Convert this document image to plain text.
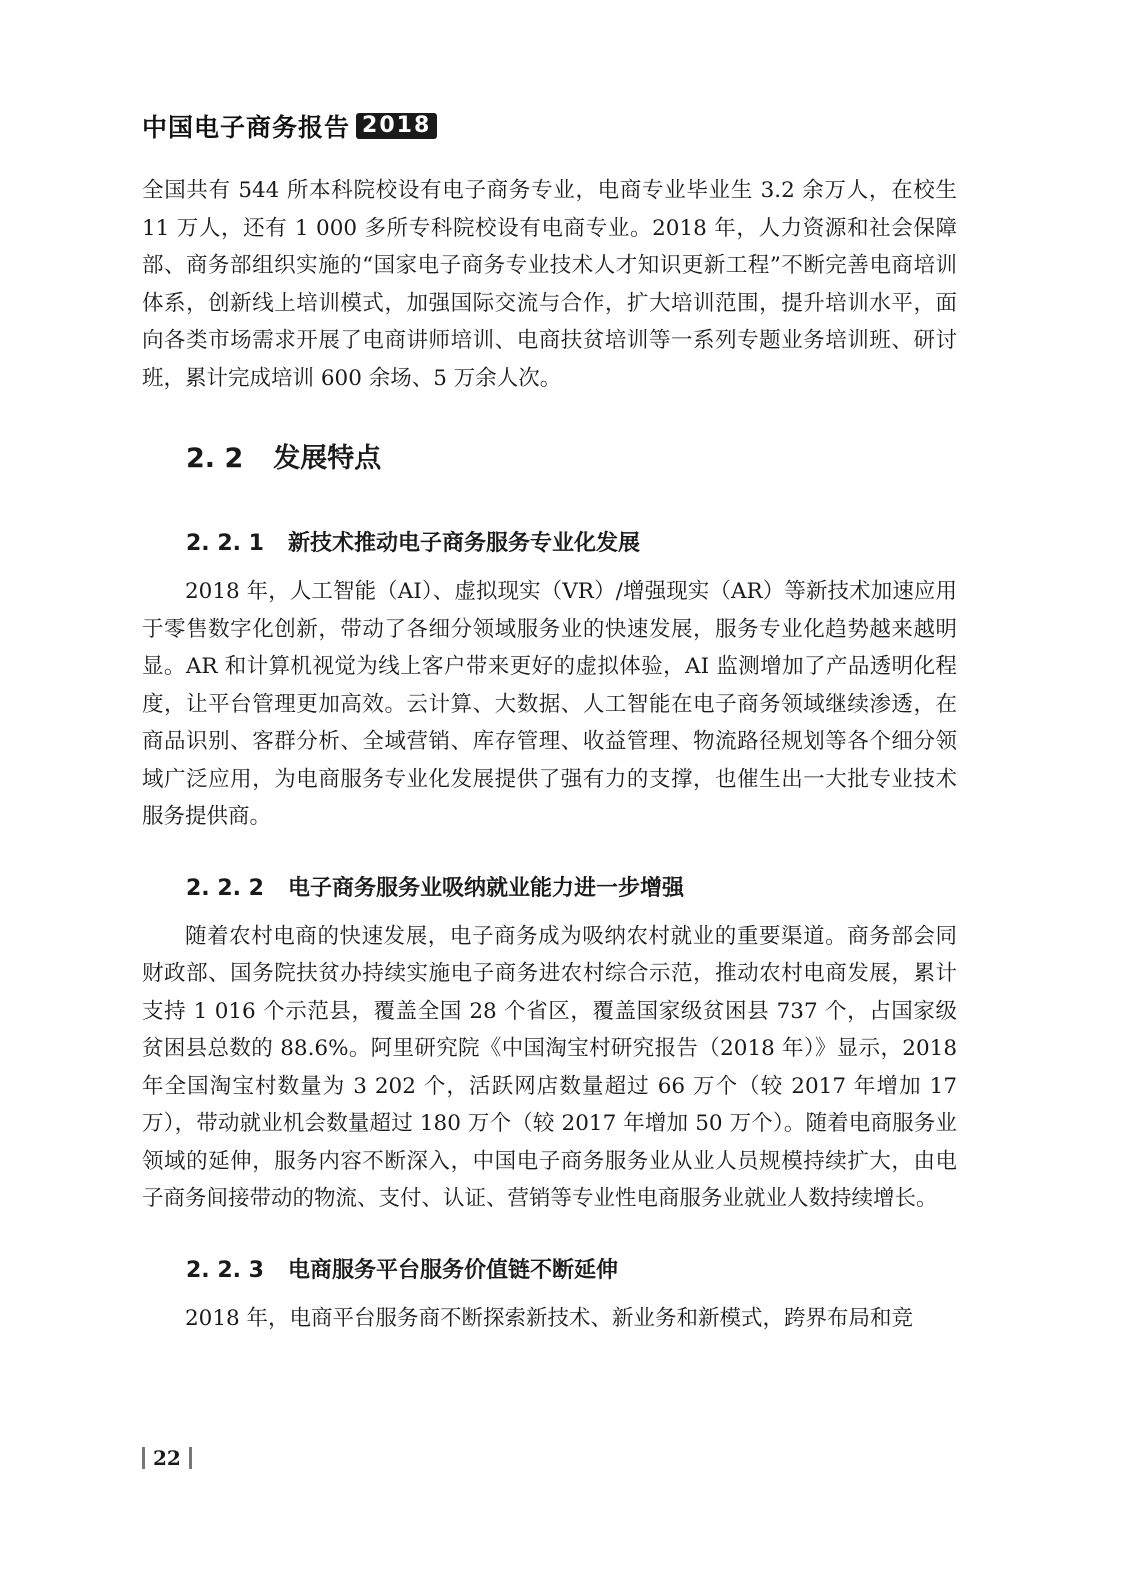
中国电子商务报告 2018

全国共有 544 所本科院校设有电子商务专业，电商专业毕业生 3.2 余万人，在校生 11 万人，还有 1 000 多所专科院校设有电商专业。2018 年，人力资源和社会保障部、商务部组织实施的“国家电子商务专业技术人才知识更新工程”不断完善电商培训体系，创新线上培训模式，加强国际交流与合作，扩大培训范围，提升培训水平，面向各类市场需求开展了电商讲师培训、电商扶贫培训等一系列专题业务培训班、研讨班，累计完成培训 600 余场、5 万余人次。

2. 2 发展特点
2. 2. 1 新技术推动电子商务服务专业化发展

2018 年，人工智能（AI）、虚拟现实（VR）/增强现实（AR）等新技术加速应用于零售数字化创新，带动了各细分领域服务业的快速发展，服务专业化趋势越来越明显。AR 和计算机视觉为线上客户带来更好的虚拟体验，AI 监测增加了产品透明化程度，让平台管理更加高效。云计算、大数据、人工智能在电子商务领域继续渗透，在商品识别、客群分析、全域营销、库存管理、收益管理、物流路径规划等各个细分领域广泛应用，为电商服务专业化发展提供了强有力的支撑，也催生出一大批专业技术服务提供商。

2. 2. 2 电子商务服务业吸纳就业能力进一步增强

随着农村电商的快速发展，电子商务成为吸纳农村就业的重要渠道。商务部会同财政部、国务院扶贫办持续实施电子商务进农村综合示范，推动农村电商发展，累计支持 1 016 个示范县，覆盖全国 28 个省区，覆盖国家级贫困县 737 个，占国家级贫困县总数的 88.6%。阿里研究院《中国淘宝村研究报告（2018 年）》显示，2018 年全国淘宝村数量为 3 202 个，活跃网店数量超过 66 万个（较 2017 年增加 17 万），带动就业机会数量超过 180 万个（较 2017 年增加 50 万个）。随着电商服务业领域的延伸，服务内容不断深入，中国电子商务服务业从业人员规模持续扩大，由电子商务间接带动的物流、支付、认证、营销等专业性电商服务业就业人数持续增长。

2. 2. 3 电商服务平台服务价值链不断延伸

2018 年，电商平台服务商不断探索新技术、新业务和新模式，跨界布局和竞

22
